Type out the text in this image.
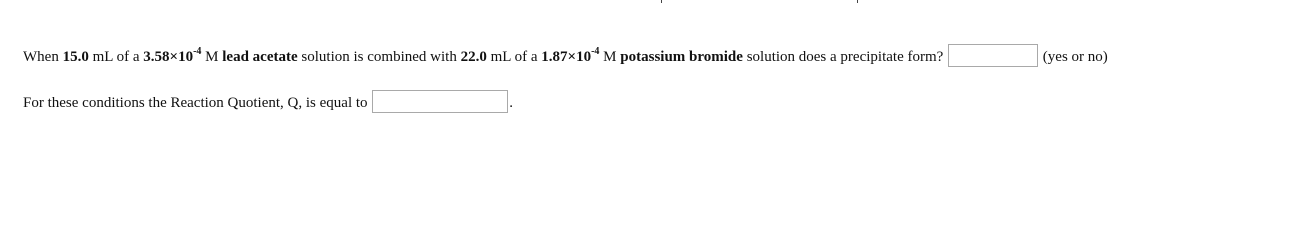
When 15.0 mL of a $3.58\times 10^{-4}$ M lead acetate solution is combined with 22.0 mL of a $1.87\times 10^{-4}$ M potassium bromide solution does a precipitate form?	(yes or no)
For these conditions the Reaction Quotient, Q, is equal to	.
